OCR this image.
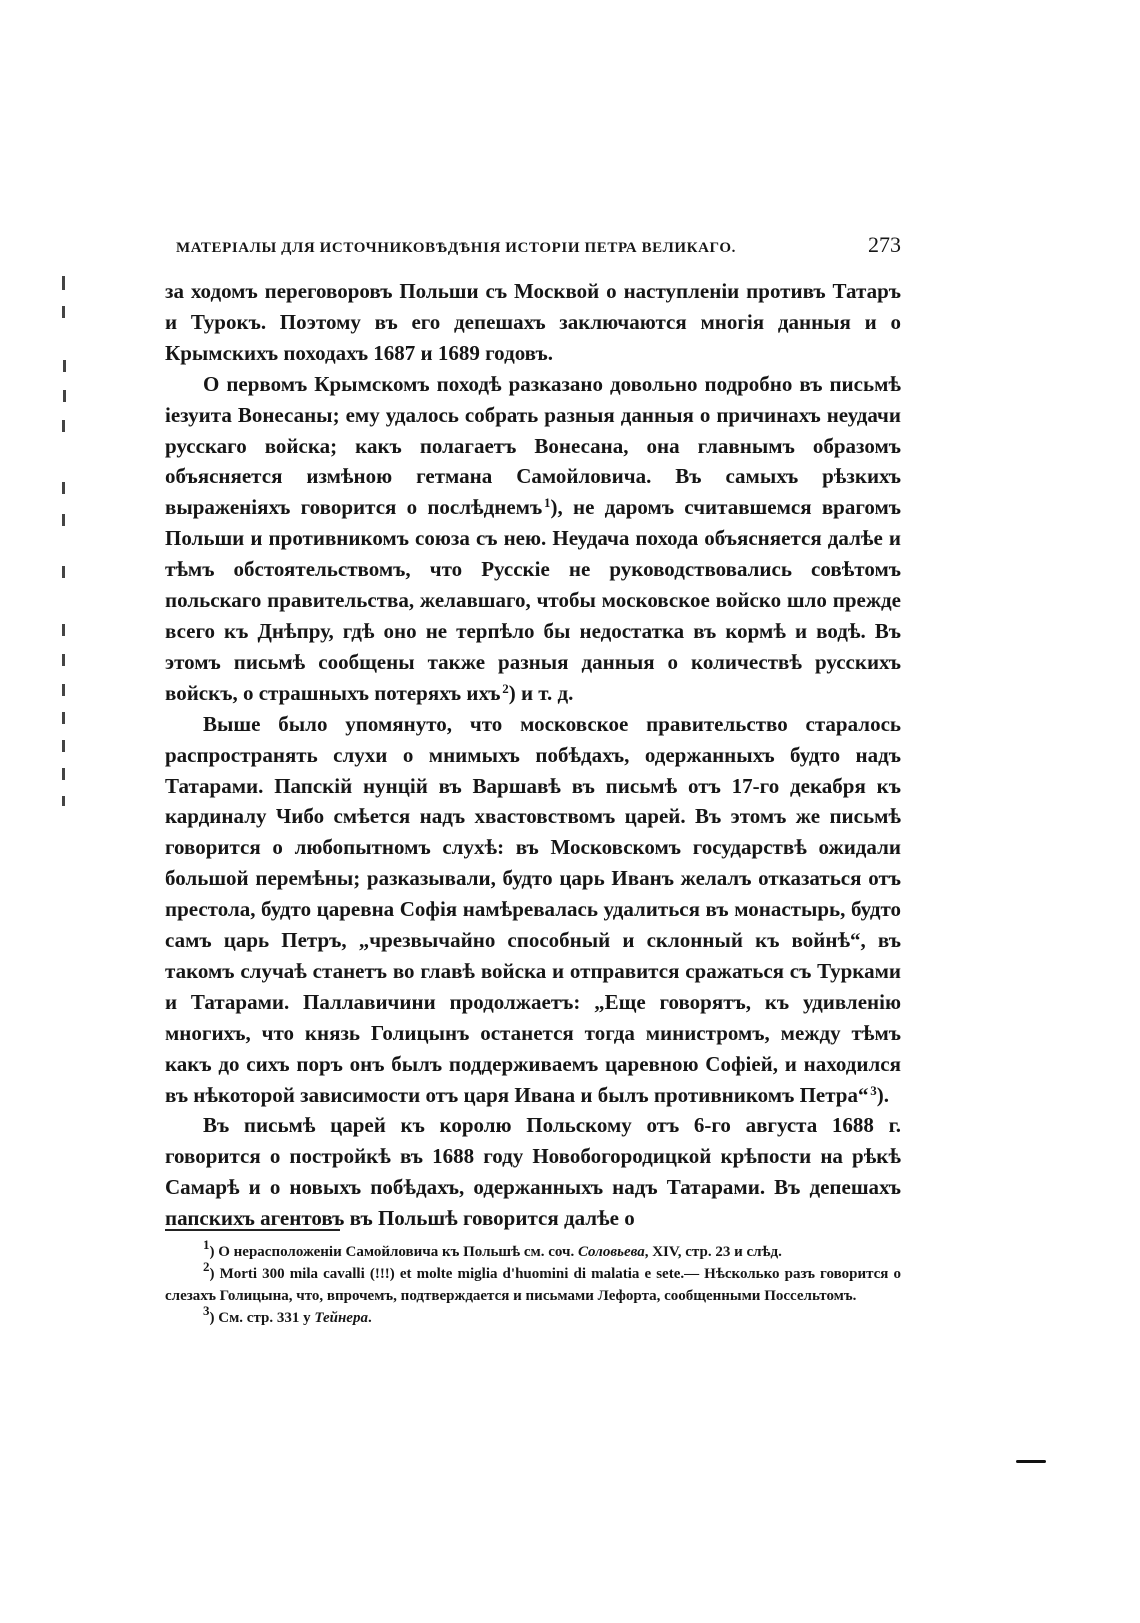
МАТЕРІАЛЫ ДЛЯ ИСТОЧНИКОВѢДѢНІЯ ИСТОРІИ ПЕТРА ВЕЛИКАГО.	273

за ходомъ переговоровъ Польши съ Москвой о наступленіи противъ Татаръ и Турокъ. Поэтому въ его депешахъ заключаются многія данныя и о Крымскихъ походахъ 1687 и 1689 годовъ.

О первомъ Крымскомъ походѣ разказано довольно подробно въ письмѣ іезуита Вонесаны; ему удалось собрать разныя данныя о причинахъ неудачи русскаго войска; какъ полагаетъ Вонесана, она главнымъ образомъ объясняется измѣною гетмана Самойловича. Въ самыхъ рѣзкихъ выраженіяхъ говорится о послѣднемъ  $^1$), не даромъ считавшемся врагомъ Польши и противникомъ союза съ нею. Неудача похода объясняется далѣе и тѣмъ обстоятельствомъ, что Русскіе не руководствовались совѣтомъ польскаго правительства, желавшаго, чтобы московское войско шло прежде всего къ Днѣпру, гдѣ оно не терпѣло бы недостатка въ кормѣ и водѣ. Въ этомъ письмѣ сообщены также разныя данныя о количествѣ русскихъ войскъ, о страшныхъ потеряхъ ихъ  $^2$) и т. д.

Выше было упомянуто, что московское правительство старалось распространять слухи о мнимыхъ побѣдахъ, одержанныхъ будто надъ Татарами. Папскій нунцій въ Варшавѣ въ письмѣ отъ 17-го декабря къ кардиналу Чибо смѣется надъ хвастовствомъ царей. Въ этомъ же письмѣ говорится о любопытномъ слухѣ: въ Московскомъ государствѣ ожидали большой перемѣны; разказывали, будто царь Иванъ желалъ отказаться отъ престола, будто царевна Софія намѣревалась удалиться въ монастырь, будто самъ царь Петръ, „чрезвычайно способный и склонный къ войнѣ“, въ такомъ случаѣ станетъ во главѣ войска и отправится сражаться съ Турками и Татарами. Паллавичини продолжаетъ: „Еще говорятъ, къ удивленію многихъ, что князь Голицынъ останется тогда министромъ, между тѣмъ какъ до сихъ поръ онъ былъ поддерживаемъ царевною Софіей, и находился въ нѣкоторой зависимости отъ царя Ивана и былъ противникомъ Петра“  $^3$).

Въ письмѣ царей къ королю Польскому отъ 6-го августа 1688 г. говорится о постройкѣ въ 1688 году Новобогородицкой крѣпости на рѣкѣ Самарѣ и о новыхъ побѣдахъ, одержанныхъ надъ Татарами. Въ депешахъ папскихъ агентовъ въ Польшѣ говорится далѣе о

$^1$) О нерасположеніи Самойловича къ Польшѣ см. соч. Соловьева, XIV, стр. 23 и слѣд.

$^2$) Morti 300 mila cavalli (!!!) et molte miglia d'huomini di malatia e sete.— Нѣсколько разъ говорится о слезахъ Голицына, что, впрочемъ, подтверждается и письмами Лефорта, сообщенными Поссельтомъ.

$^3$) См. стр. 331 у Тейнера.
